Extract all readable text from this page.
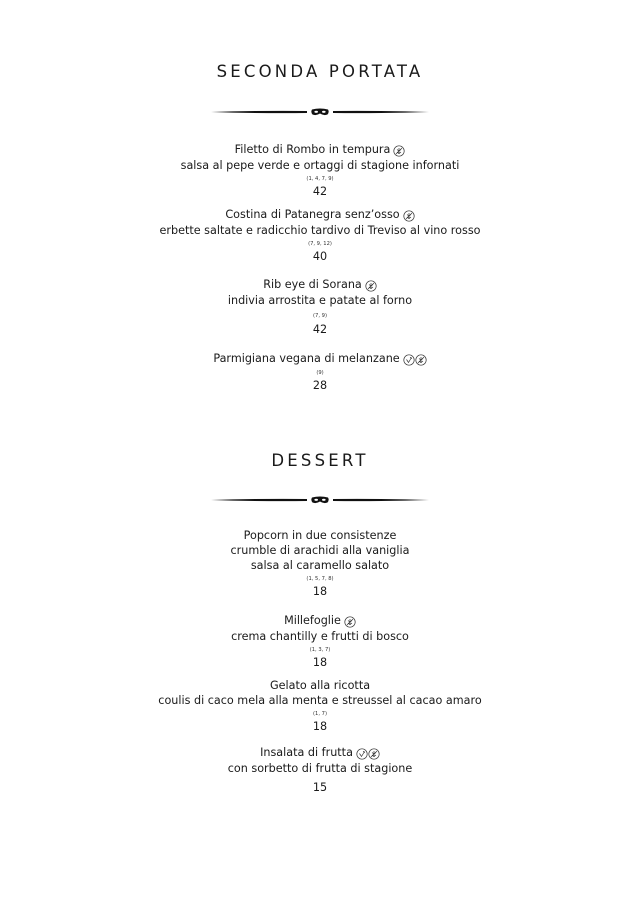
SECONDA PORTATA
Filetto di Rombo in tempura
salsa al pepe verde e ortaggi di stagione infornati
(1, 4, 7, 9)
42
Costina di Patanegra senz’osso
erbette saltate e radicchio tardivo di Treviso al vino rosso
(7, 9, 12)
40
Rib eye di Sorana
indivia arrostita e patate al forno
(7, 9)
42
Parmigiana vegana di melanzane
(9)
28
DESSERT
Popcorn in due consistenze
crumble di arachidi alla vaniglia
salsa al caramello salato
(1, 5, 7, 8)
18
Millefoglie
crema chantilly e frutti di bosco
(1, 3, 7)
18
Gelato alla ricotta
coulis di caco mela alla menta e streussel al cacao amaro
(1, 7)
18
Insalata di frutta
con sorbetto di frutta di stagione
15
